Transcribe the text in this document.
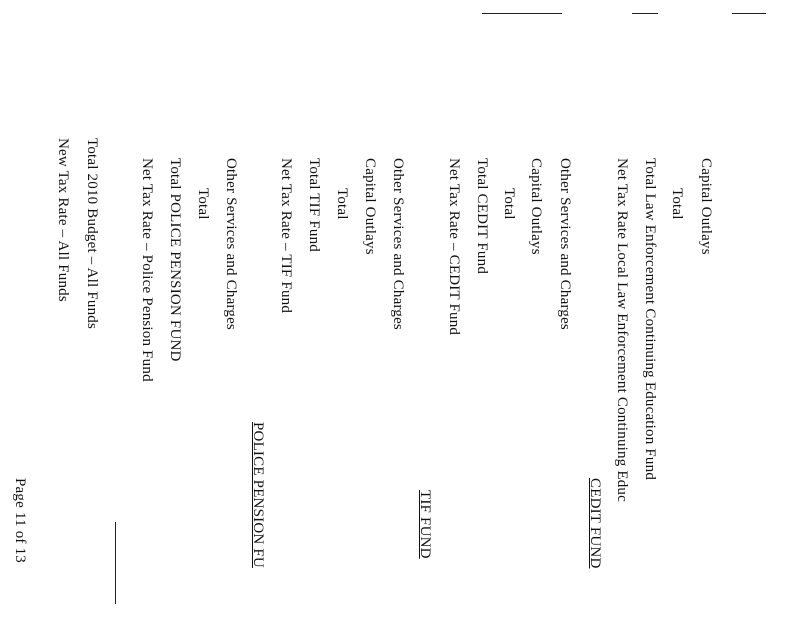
Capital Outlays
Total
Total Law Enforcement Continuing Education Fund
Net Tax Rate Local Law Enforcement Continuing Educ
CEDIT FUND
Other Services and Charges
Capital Outlays
Total
Total CEDIT Fund
Net Tax Rate – CEDIT Fund
TIF FUND
Other Services and Charges
Capital Outlays
Total
Total TIF Fund
Net Tax Rate – TIF Fund
POLICE PENSION FU
Other Services and Charges
Total
Total POLICE PENSION FUND
Net Tax Rate – Police Pension Fund
Total 2010 Budget – All Funds
New Tax Rate – All Funds
Page 11 of 13
